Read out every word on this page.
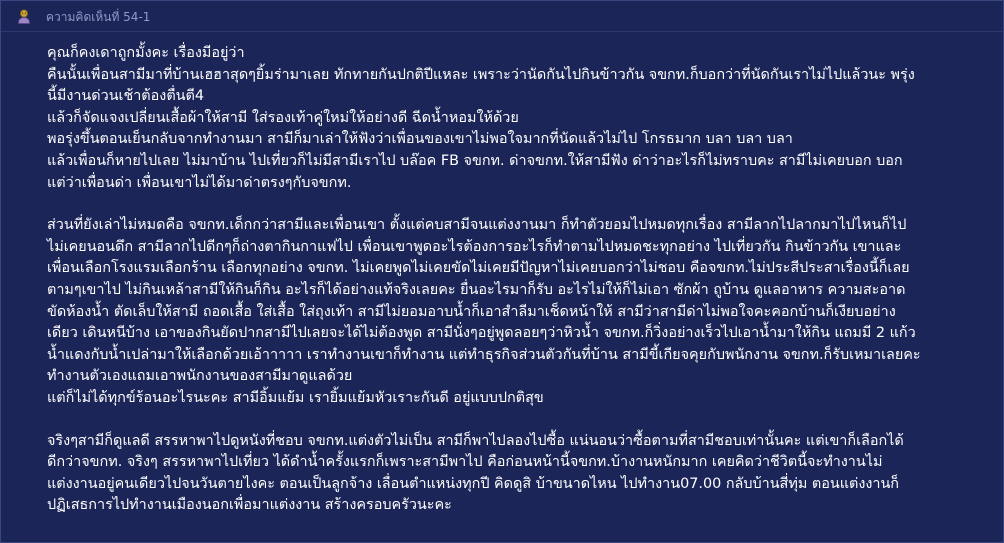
ความคิดเห็นที่ 54-1
คุณก็คงเดาถูกมั้งคะ เรื่องมีอยู่ว่า
คืนนั้นเพื่อนสามีมาที่บ้านเฮฮาสุดๆยิ้มร่ามาเลย ทักทายกันปกติปีแหละ เพราะว่านัดกันไปกินข้าวกัน จขกท.ก็บอกว่าที่นัดกันเราไม่ไปแล้วนะ พรุ่ง
นี้มีงานด่วนเช้าต้องตื่นตี4
แล้วก็จัดแจงเปลี่ยนเสื้อผ้าให้สามี ใส่รองเท้าคู่ใหม่ให้อย่างดี ฉีดน้ำหอมให้ด้วย
พอรุ่งขึ้นตอนเย็นกลับจากทำงานมา สามีก็มาเล่าให้ฟังว่าเพื่อนของเขาไม่พอใจมากที่นัดแล้วไม่ไป โกรธมาก บลา บลา บลา
แล้วเพื่อนก็หายไปเลย ไม่มาบ้าน ไปเที่ยวก็ไม่มีสามีเราไป บล๊อค FB จขกท. ด่าจขกท.ให้สามีฟัง ด่าว่าอะไรก็ไม่ทราบคะ สามีไม่เคยบอก บอก
แต่ว่าเพื่อนด่า เพื่อนเขาไม่ได้มาด่าตรงๆกับจขกท.
ส่วนที่ยังเล่าไม่หมดคือ จขกท.เด็กกว่าสามีและเพื่อนเขา ตั้งแต่คบสามีจนแต่งงานมา ก็ทำตัวยอมไปหมดทุกเรื่อง สามีลากไปลากมาไปไหนก็ไป
ไม่เคยนอนดึก สามีลากไปดีกๆก็ถ่างตากินกาแฟไป เพื่อนเขาพูดอะไรต้องการอะไรก็ทำตามไปหมดชะทุกอย่าง ไปเที่ยวกัน กินข้าวกัน เขาและ
เพื่อนเลือกโรงแรมเลือกร้าน เลือกทุกอย่าง จขกท. ไม่เคยพูดไม่เคยขัดไม่เคยมีปัญหาไม่เคยบอกว่าไม่ชอบ คือจขกท.ไม่ประสีประสาเรื่องนี้ก็เลย
ตามๆเขาไป ไม่กินเหล้าสามีให้กินก็กิน อะไรก็ได้อย่างแท้จริงเลยคะ ยื่นอะไรมาก็รับ อะไรไม่ให้ก็ไม่เอา ซักผ้า ถูบ้าน ดูแลอาหาร ความสะอาด
ขัดห้องน้ำ ตัดเล็บให้สามี ถอดเสื้อ ใส่เสื้อ ใส่ถุงเท้า สามีไม่ยอมอาบน้ำก็เอาสำลีมาเช็ดหน้าให้ สามีว่าสามีด่าไม่พอใจคะคอกบ้านก็เงียบอย่าง
เดียว เดินหนีบ้าง เอาของกินยัดปากสามีไปเลยจะได้ไม่ต้องพูด สามีนั่งๆอยู่พูดลอยๆว่าหิวน้ำ จขกท.ก็วิ่งอย่างเร็วไปเอาน้ำมาให้กิน แถมมี 2 แก้ว
น้ำแดงกับน้ำเปล่ามาให้เลือกด้วยเอ้าาาาา เราทำงานเขาก็ทำงาน แต่ทำธุรกิจส่วนตัวกันที่บ้าน สามีขี้เกียจคุยกับพนักงาน จขกท.ก็รับเหมาเลยคะ
ทำงานตัวเองแถมเอาพนักงานของสามีมาดูแลด้วย
แต่ก็ไม่ได้ทุกข์ร้อนอะไรนะคะ สามีอิ้มแย้ม เรายิ้มแย้มหัวเราะกันดี อยู่แบบปกติสุข
จริงๆสามีก็ดูแลดี สรรหาพาไปดูหนังที่ชอบ จขกท.แต่งตัวไม่เป็น สามีก็พาไปลองไปซื้อ แน่นอนว่าซื้อตามที่สามีชอบเท่านั้นคะ แต่เขาก็เลือกได้
ดีกว่าจขกท. จริงๆ สรรหาพาไปเที่ยว ได้ดำน้ำครั้งแรกก็เพราะสามีพาไป คือก่อนหน้านี้จขกท.บ้างานหนักมาก เคยคิดว่าชีวิตนี้จะทำงานไม่
แต่งงานอยู่คนเดียวไปจนวันตายไงคะ ตอนเป็นลูกจ้าง เลื่อนตำแหน่งทุกปี คิดดูสิ บ้าขนาดไหน ไปทำงาน07.00 กลับบ้านสี่ทุ่ม ตอนแต่งงานก็
ปฏิเสธการไปทำงานเมืองนอกเพื่อมาแต่งงาน สร้างครอบครัวนะคะ
